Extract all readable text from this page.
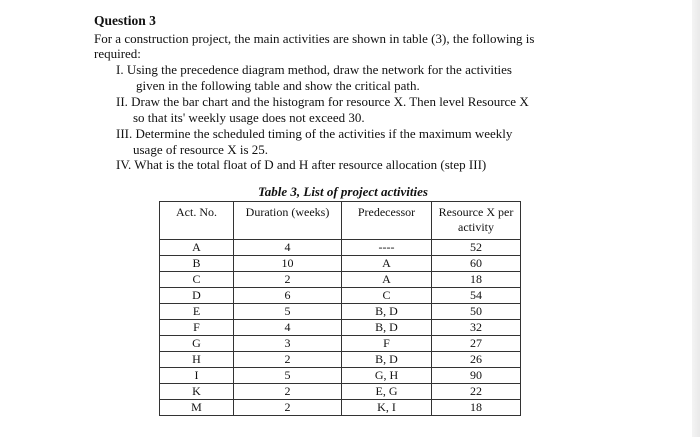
Question 3
For a construction project, the main activities are shown in table (3), the following is
required:
I. Using the precedence diagram method, draw the network for the activities
given in the following table and show the critical path.
II. Draw the bar chart and the histogram for resource X. Then level Resource X
so that its' weekly usage does not exceed 30.
III. Determine the scheduled timing of the activities if the maximum weekly
usage of resource X is 25.
IV. What is the total float of D and H after resource allocation (step III)
Table 3, List of project activities
Act. No.	Duration (weeks)	Predecessor	Resource X per activity
A	4	----	52
B	10	A	60
C	2	A	18
D	6	C	54
E	5	B, D	50
F	4	B, D	32
G	3	F	27
H	2	B, D	26
I	5	G, H	90
K	2	E, G	22
M	2	K, I	18
